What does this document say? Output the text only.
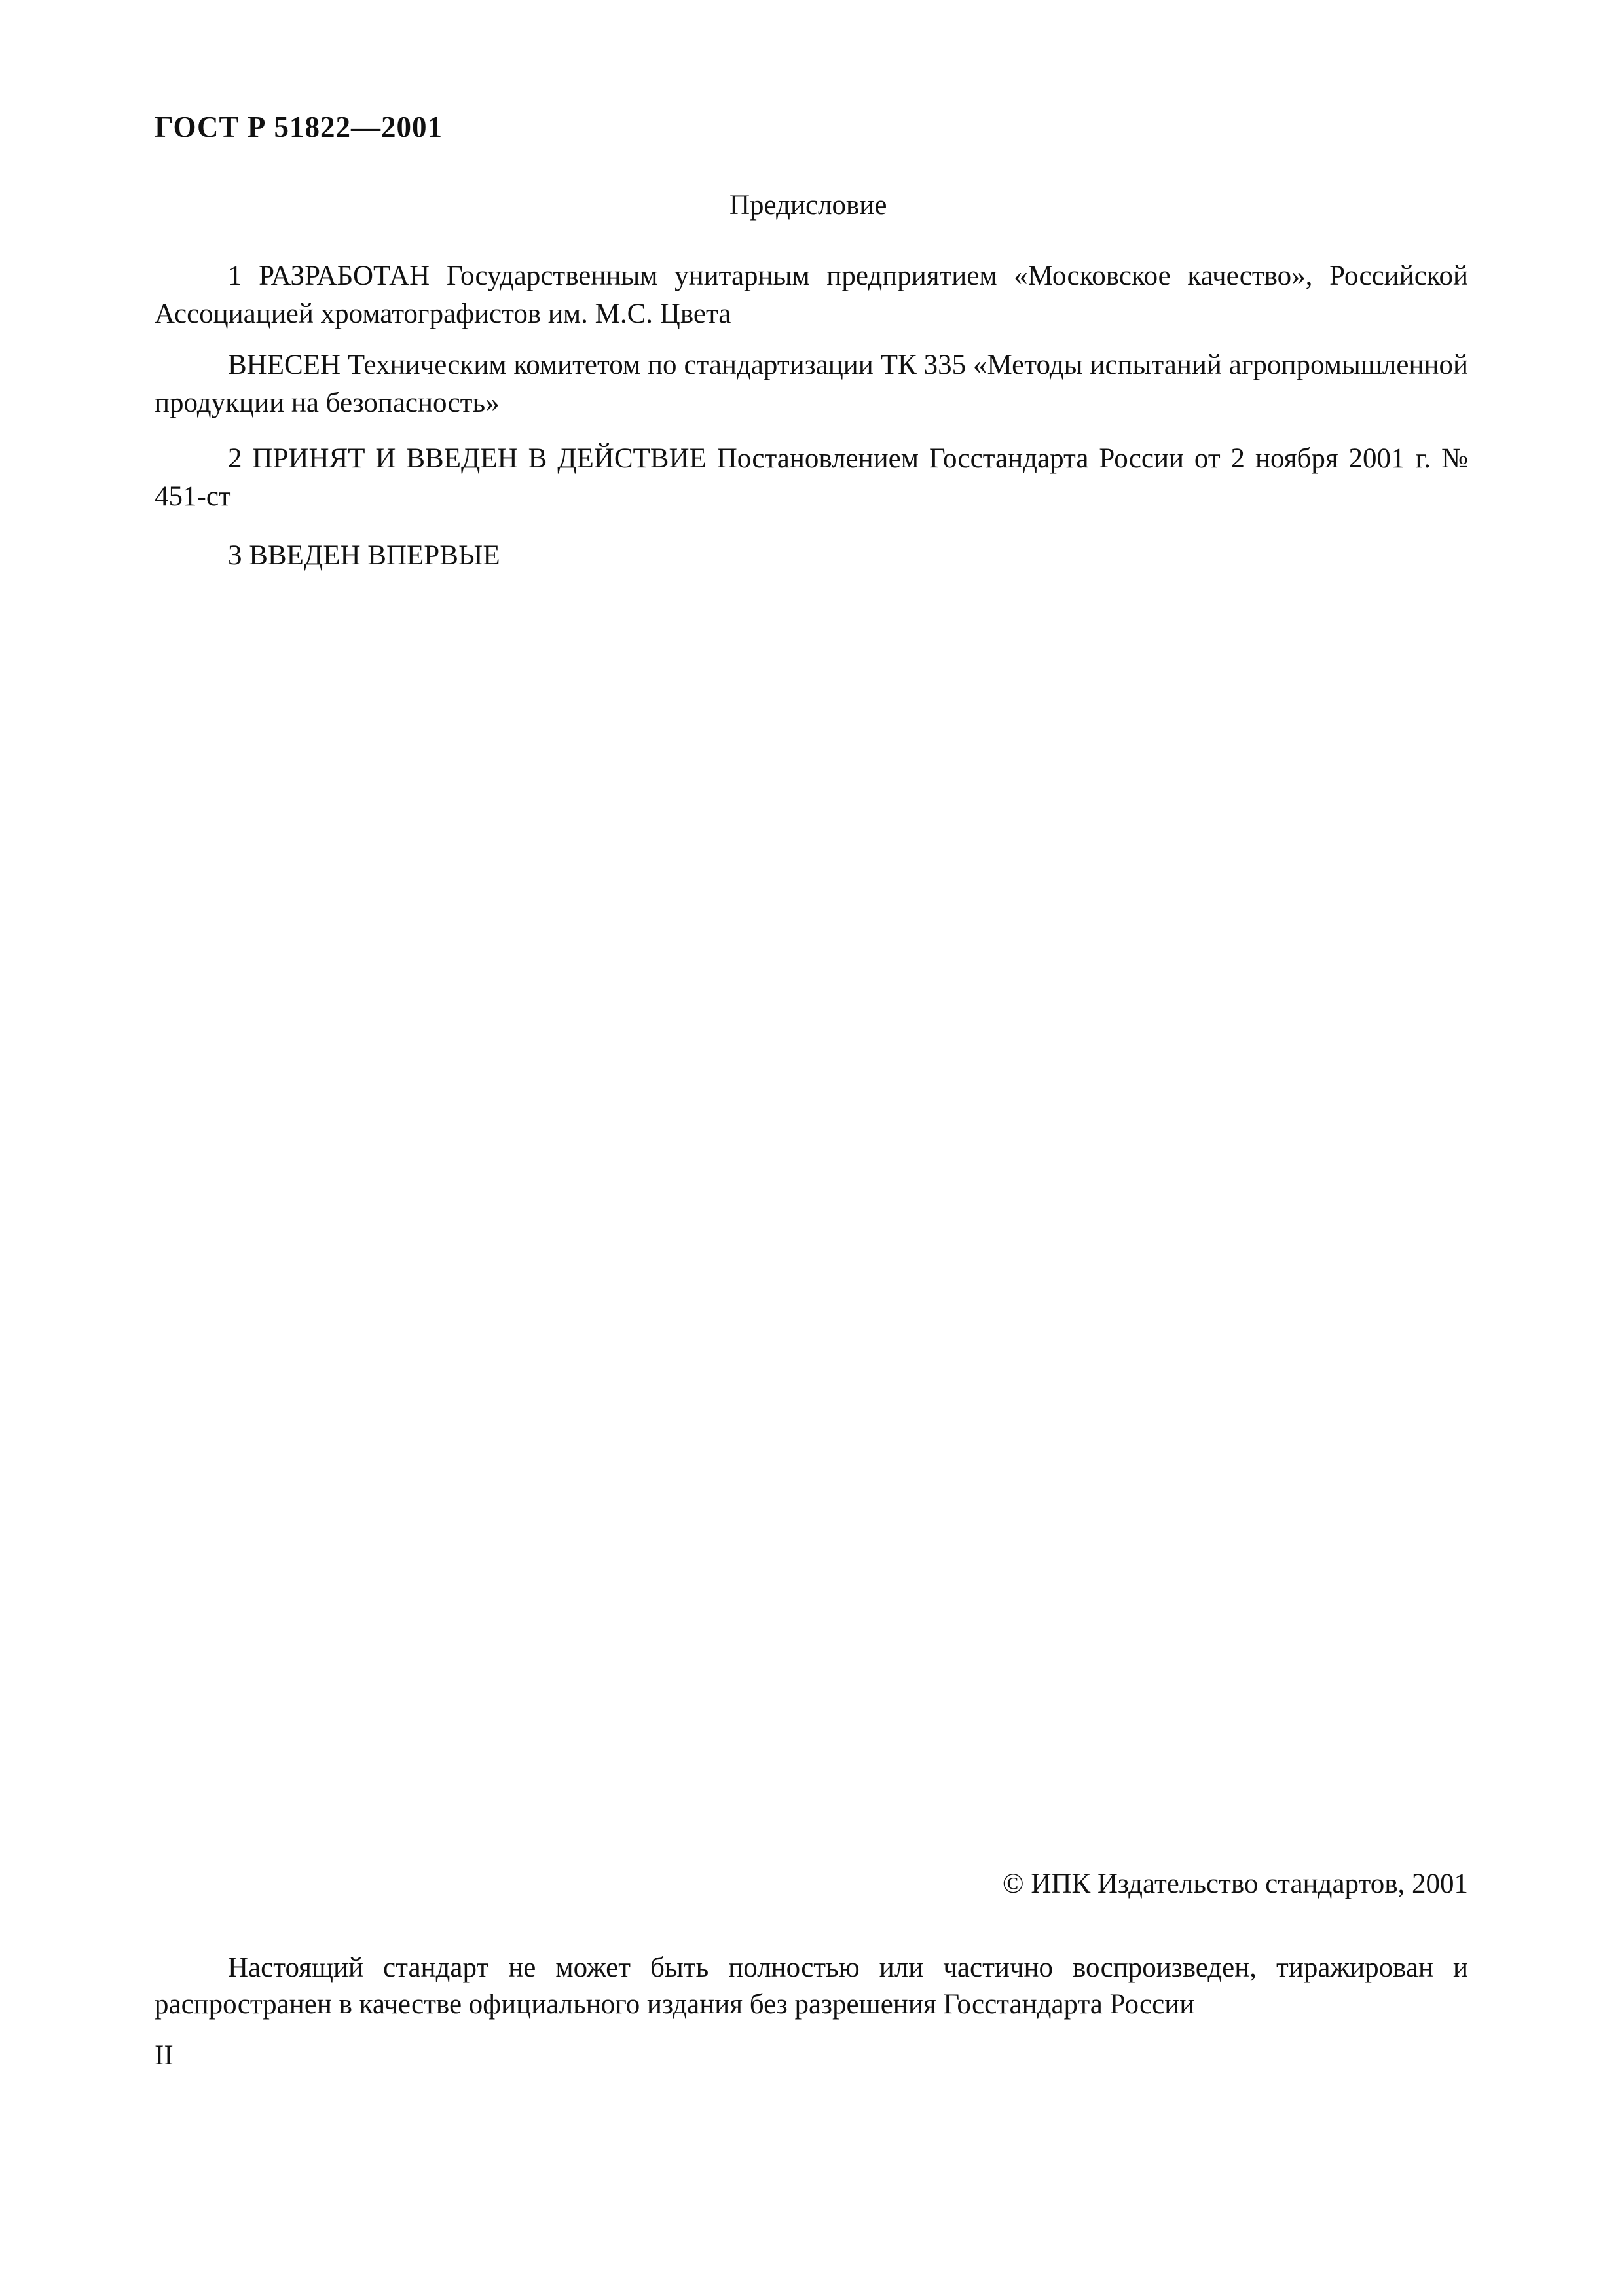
ГОСТ Р 51822—2001
Предисловие

1 РАЗРАБОТАН Государственным унитарным предприятием «Московское качество», Российской Ассоциацией хроматографистов им. М.С. Цвета

ВНЕСЕН Техническим комитетом по стандартизации ТК 335 «Методы испытаний агропромышленной продукции на безопасность»

2 ПРИНЯТ И ВВЕДЕН В ДЕЙСТВИЕ Постановлением Госстандарта России от 2 ноября 2001 г. № 451-ст

3 ВВЕДЕН ВПЕРВЫЕ

© ИПК Издательство стандартов, 2001

Настоящий стандарт не может быть полностью или частично воспроизведен, тиражирован и распространен в качестве официального издания без разрешения Госстандарта России

II
